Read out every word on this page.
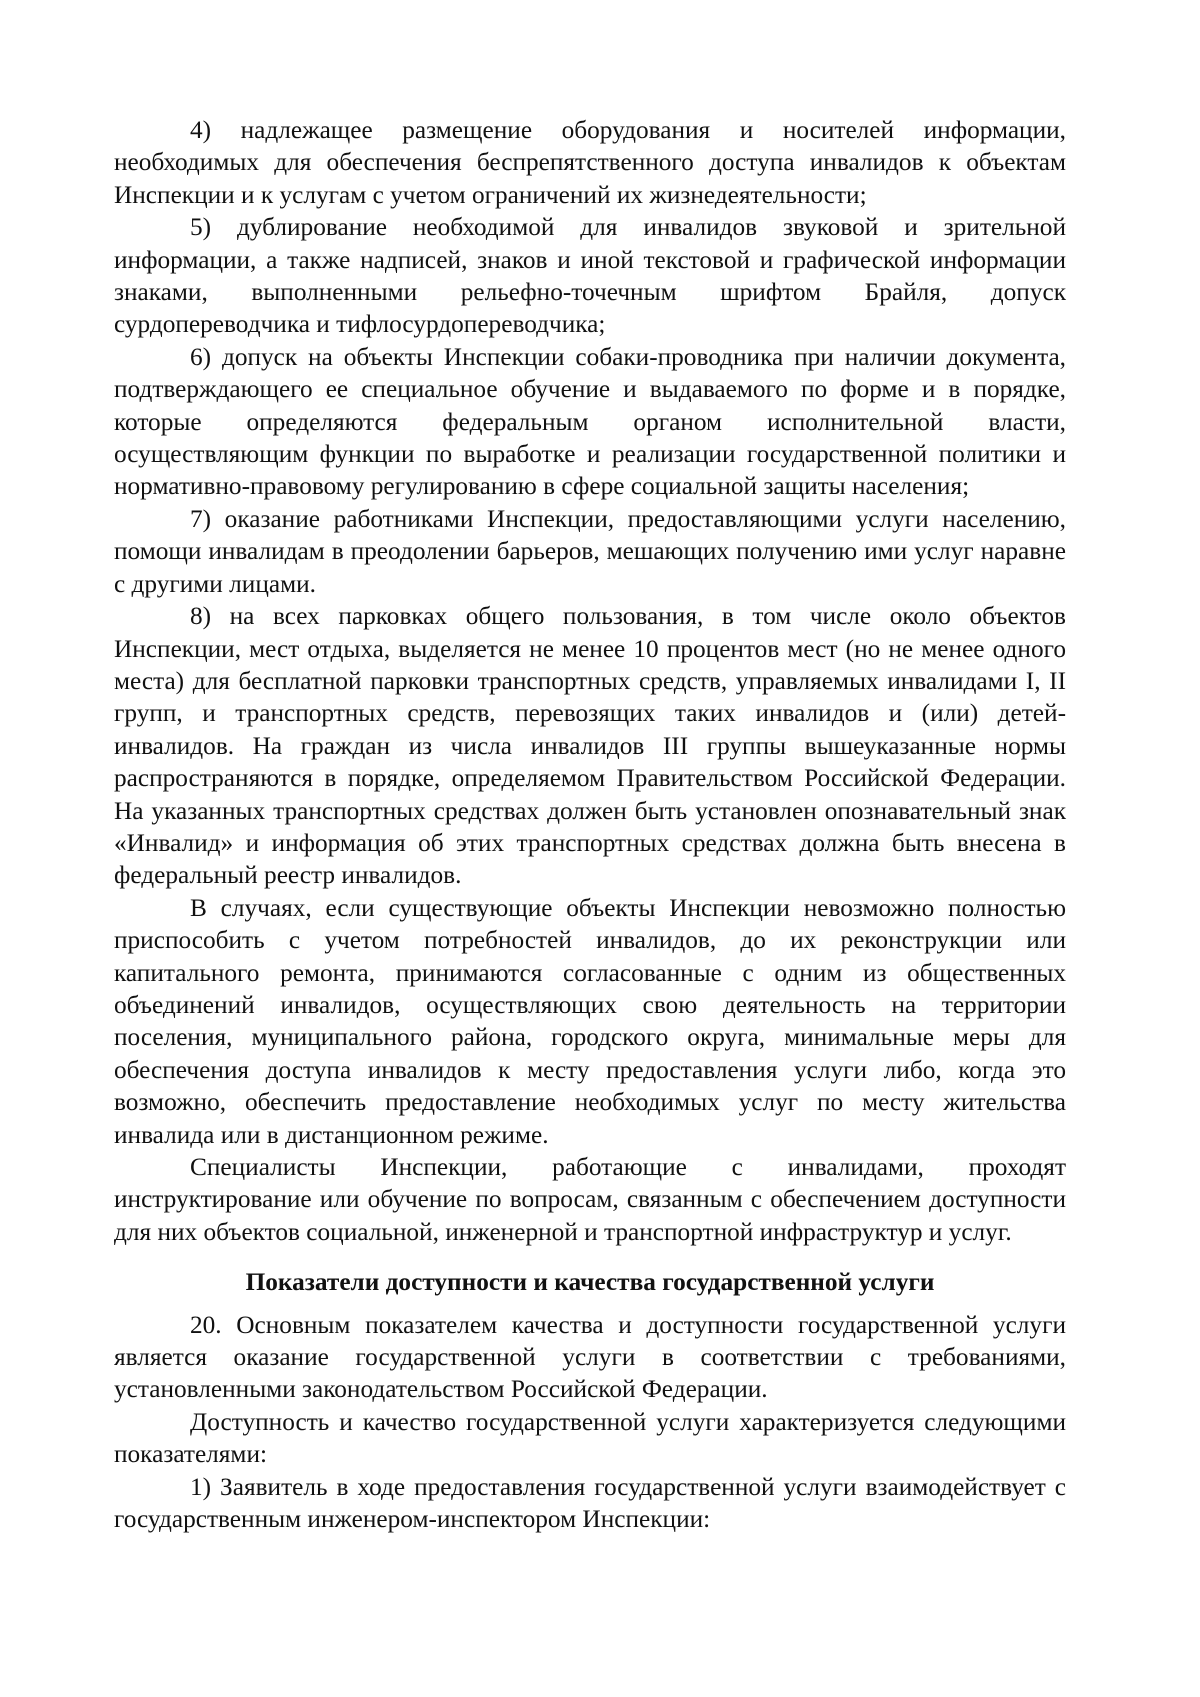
4) надлежащее размещение оборудования и носителей информации, необходимых для обеспечения беспрепятственного доступа инвалидов к объектам Инспекции и к услугам с учетом ограничений их жизнедеятельности;

5) дублирование необходимой для инвалидов звуковой и зрительной информации, а также надписей, знаков и иной текстовой и графической информации знаками, выполненными рельефно-точечным шрифтом Брайля, допуск сурдопереводчика и тифлосурдопереводчика;

6) допуск на объекты Инспекции собаки-проводника при наличии документа, подтверждающего ее специальное обучение и выдаваемого по форме и в порядке, которые определяются федеральным органом исполнительной власти, осуществляющим функции по выработке и реализации государственной политики и нормативно-правовому регулированию в сфере социальной защиты населения;

7) оказание работниками Инспекции, предоставляющими услуги населению, помощи инвалидам в преодолении барьеров, мешающих получению ими услуг наравне с другими лицами.

8) на всех парковках общего пользования, в том числе около объектов Инспекции, мест отдыха, выделяется не менее 10 процентов мест (но не менее одного места) для бесплатной парковки транспортных средств, управляемых инвалидами I, II групп, и транспортных средств, перевозящих таких инвалидов и (или) детей-инвалидов. На граждан из числа инвалидов III группы вышеуказанные нормы распространяются в порядке, определяемом Правительством Российской Федерации. На указанных транспортных средствах должен быть установлен опознавательный знак «Инвалид» и информация об этих транспортных средствах должна быть внесена в федеральный реестр инвалидов.

В случаях, если существующие объекты Инспекции невозможно полностью приспособить с учетом потребностей инвалидов, до их реконструкции или капитального ремонта, принимаются согласованные с одним из общественных объединений инвалидов, осуществляющих свою деятельность на территории поселения, муниципального района, городского округа, минимальные меры для обеспечения доступа инвалидов к месту предоставления услуги либо, когда это возможно, обеспечить предоставление необходимых услуг по месту жительства инвалида или в дистанционном режиме.

Специалисты Инспекции, работающие с инвалидами, проходят инструктирование или обучение по вопросам, связанным с обеспечением доступности для них объектов социальной, инженерной и транспортной инфраструктур и услуг.

Показатели доступности и качества государственной услуги

20. Основным показателем качества и доступности государственной услуги является оказание государственной услуги в соответствии с требованиями, установленными законодательством Российской Федерации.

Доступность и качество государственной услуги характеризуется следующими показателями:

1) Заявитель в ходе предоставления государственной услуги взаимодействует с государственным инженером-инспектором Инспекции:
